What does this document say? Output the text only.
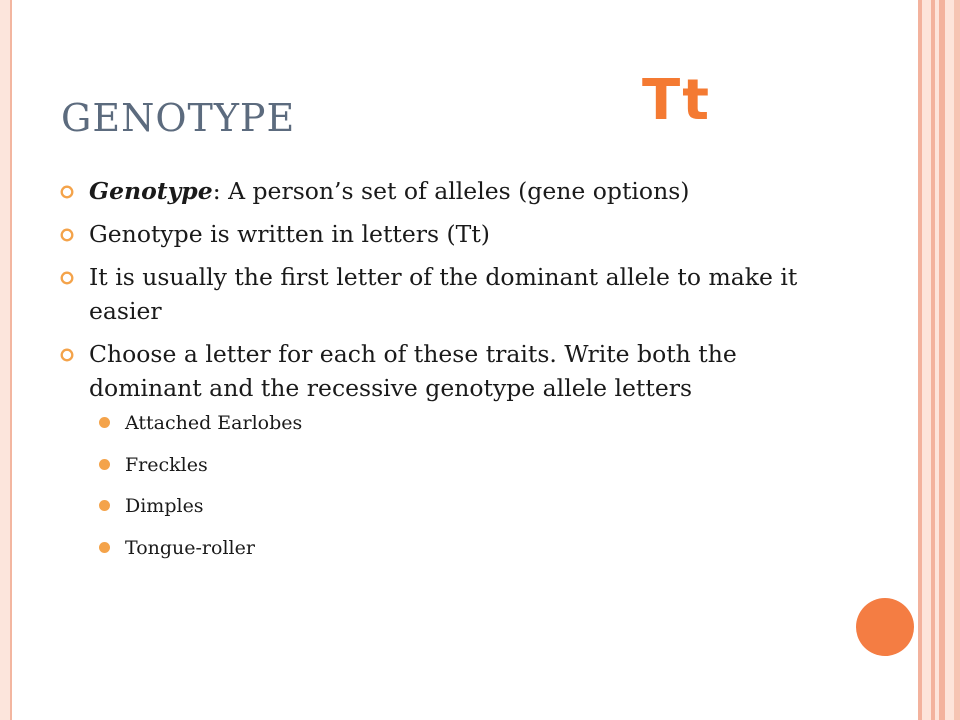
GENOTYPE	Tt
Genotype: A person’s set of alleles (gene options)
Genotype is written in letters (Tt)
It is usually the first letter of the dominant allele to make it easier
Choose a letter for each of these traits. Write both the dominant and the recessive genotype allele letters
Attached Earlobes
Freckles
Dimples
Tongue-roller
